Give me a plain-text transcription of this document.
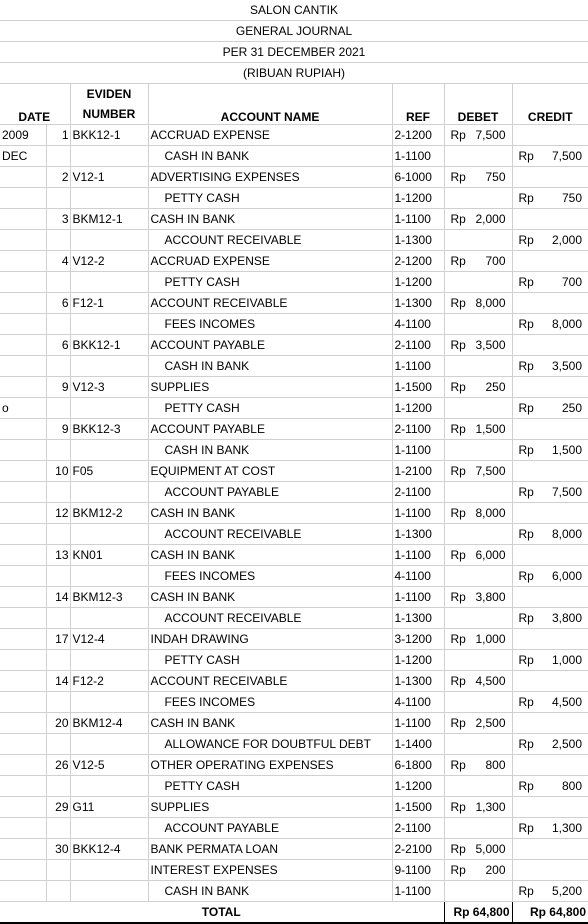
SALON CANTIK
GENERAL JOURNAL
PER 31 DECEMBER 2021
(RIBUAN RUPIAH)
DATE		EVIDEN
NUMBER	ACCOUNT NAME	REF	DEBET	CREDIT
2009	1	BKK12-1	ACCRUAD EXPENSE	2-1200	Rp 7,500	

DEC			CASH IN BANK	1-1100		Rp 7,500

	2	V12-1	ADVERTISING EXPENSES	6-1000	Rp 750	

			PETTY CASH	1-1200		Rp 750

	3	BKM12-1	CASH IN BANK	1-1100	Rp 2,000	

			ACCOUNT RECEIVABLE	1-1300		Rp 2,000

	4	V12-2	ACCRUAD EXPENSE	2-1200	Rp 700	

			PETTY CASH	1-1200		Rp 700

	6	F12-1	ACCOUNT RECEIVABLE	1-1300	Rp 8,000	

			FEES INCOMES	4-1100		Rp 8,000

	6	BKK12-1	ACCOUNT PAYABLE	2-1100	Rp 3,500	

			CASH IN BANK	1-1100		Rp 3,500

	9	V12-3	SUPPLIES	1-1500	Rp 250	

o			PETTY CASH	1-1200		Rp 250

	9	BKK12-3	ACCOUNT PAYABLE	2-1100	Rp 1,500	

			CASH IN BANK	1-1100		Rp 1,500

	10	F05	EQUIPMENT AT COST	1-2100	Rp 7,500	

			ACCOUNT PAYABLE	2-1100		Rp 7,500

	12	BKM12-2	CASH IN BANK	1-1100	Rp 8,000	

			ACCOUNT RECEIVABLE	1-1300		Rp 8,000

	13	KN01	CASH IN BANK	1-1100	Rp 6,000	

			FEES INCOMES	4-1100		Rp 6,000

	14	BKM12-3	CASH IN BANK	1-1100	Rp 3,800	

			ACCOUNT RECEIVABLE	1-1300		Rp 3,800

	17	V12-4	INDAH DRAWING	3-1200	Rp 1,000	

			PETTY CASH	1-1200		Rp 1,000

	14	F12-2	ACCOUNT RECEIVABLE	1-1300	Rp 4,500	

			FEES INCOMES	4-1100		Rp 4,500

	20	BKM12-4	CASH IN BANK	1-1100	Rp 2,500	

			ALLOWANCE FOR DOUBTFUL DEBT	1-1400		Rp 2,500

	26	V12-5	OTHER OPERATING EXPENSES	6-1800	Rp 800	

			PETTY CASH	1-1200		Rp 800

	29	G11	SUPPLIES	1-1500	Rp 1,300	

			ACCOUNT PAYABLE	2-1100		Rp 1,300

	30	BKK12-4	BANK PERMATA LOAN	2-2100	Rp 5,000	

			INTEREST EXPENSES	9-1100	Rp 200	

			CASH IN BANK	1-1100		Rp 5,200

TOTAL					Rp 64,800	Rp 64,800
